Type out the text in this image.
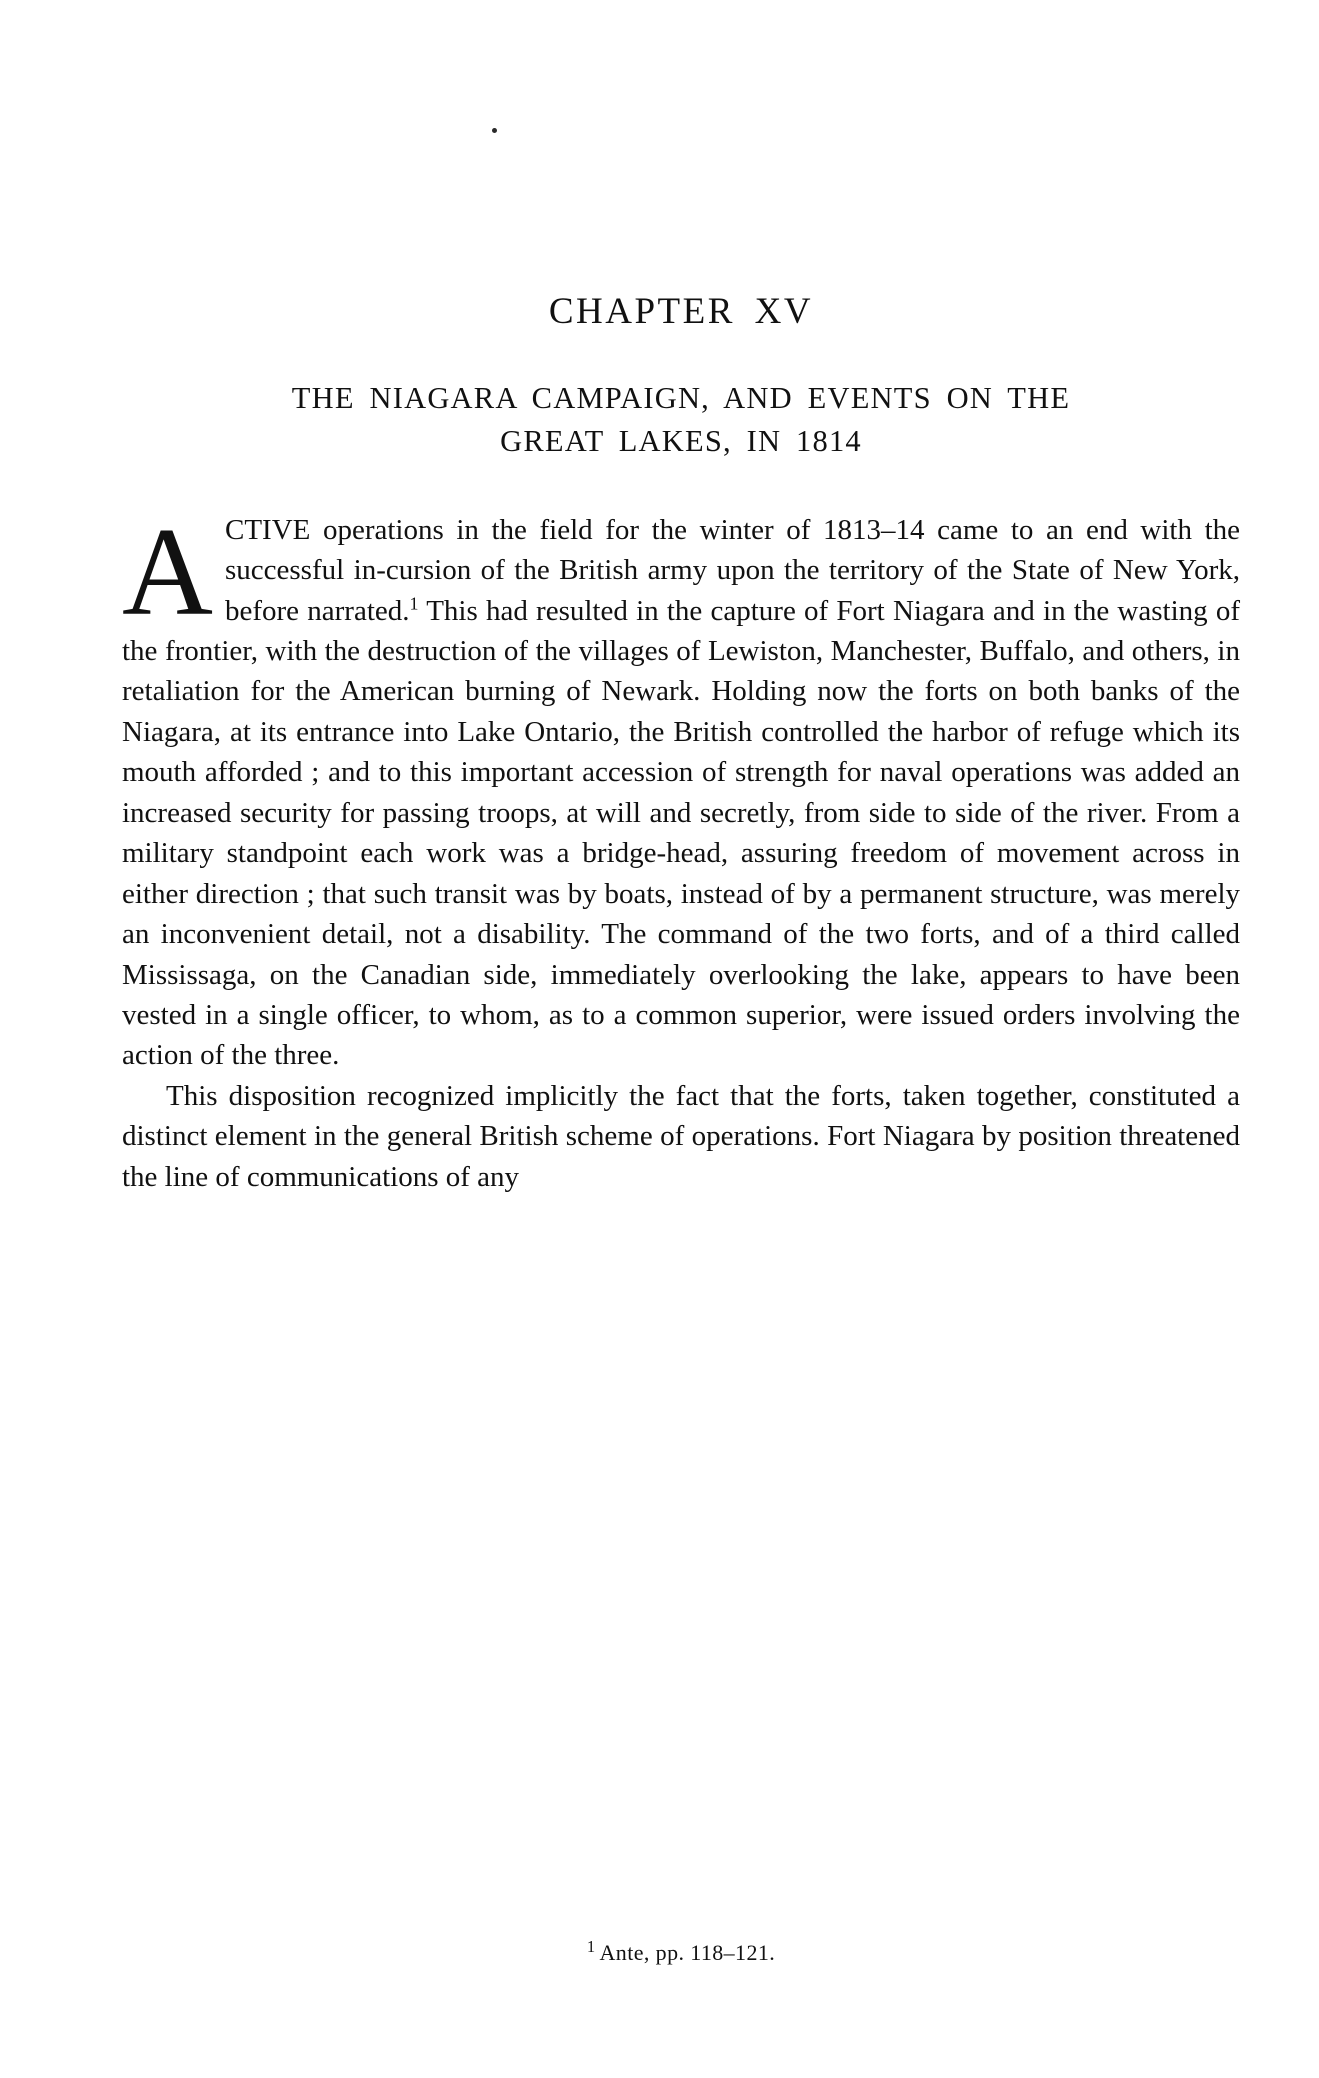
CHAPTER XV
THE NIAGARA CAMPAIGN, AND EVENTS ON THE
GREAT LAKES, IN 1814

ACTIVE operations in the field for the winter of 1813–14 came to an end with the successful in-cursion of the British army upon the territory of the State of New York, before narrated.$^1$ This had resulted in the capture of Fort Niagara and in the wasting of the frontier, with the destruction of the villages of Lewiston, Manchester, Buffalo, and others, in retaliation for the American burning of Newark. Holding now the forts on both banks of the Niagara, at its entrance into Lake Ontario, the British controlled the harbor of refuge which its mouth afforded ; and to this important accession of strength for naval operations was added an increased security for passing troops, at will and secretly, from side to side of the river. From a military standpoint each work was a bridge-head, assuring freedom of movement across in either direction ; that such transit was by boats, instead of by a permanent structure, was merely an inconvenient detail, not a disability. The command of the two forts, and of a third called Mississaga, on the Canadian side, immediately overlooking the lake, appears to have been vested in a single officer, to whom, as to a common superior, were issued orders involving the action of the three.

This disposition recognized implicitly the fact that the forts, taken together, constituted a distinct element in the general British scheme of operations. Fort Niagara by position threatened the line of communications of any

$^1$ Ante, pp. 118–121.
